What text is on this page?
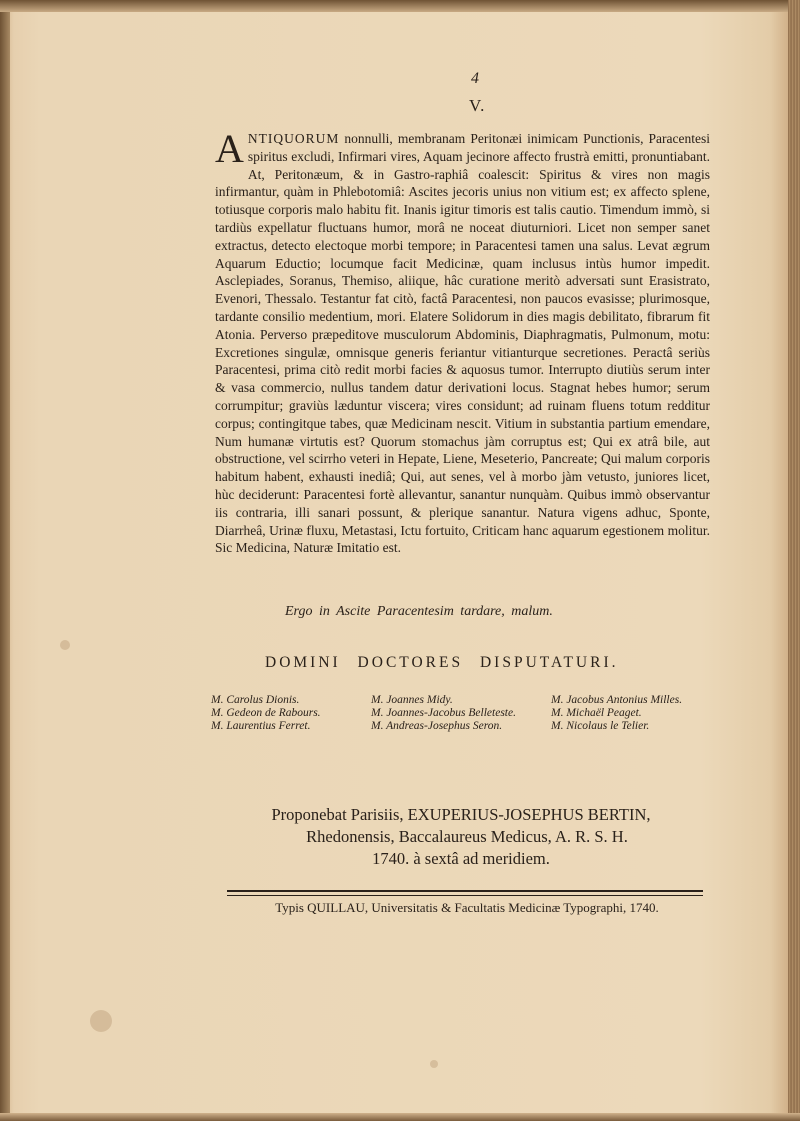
4
V.
ANTIQUORUM nonnulli, membranam Peritonæi inimicam Punctionis, Paracentesi spiritus excludi, Infirmari vires, Aquam jecinore affecto frustrà emitti, pronuntiabant. At, Peritonæum, & in Gastro-raphiâ coalescit: Spiritus & vires non magis infirmantur, quàm in Phlebotomiâ: Ascites jecoris unius non vitium est; ex affecto splene, totiusque corporis malo habitu fit. Inanis igitur timoris est talis cautio. Timendum immò, si tardiùs expellatur fluctuans humor, morâ ne noceat diuturniori. Licet non semper sanet extractus, detecto electoque morbi tempore; in Paracentesi tamen una salus. Levat ægrum Aquarum Eductio; locumque facit Medicinæ, quam inclusus intùs humor impedit. Asclepiades, Soranus, Themiso, aliique, hâc curatione meritò adversati sunt Erasistrato, Evenori, Thessalo. Testantur fat citò, factâ Paracentesi, non paucos evasisse; plurimosque, tardante consilio medentium, mori. Elatere Solidorum in dies magis debilitato, fibrarum fit Atonia. Perverso præpeditove musculorum Abdominis, Diaphragmatis, Pulmonum, motu: Excretiones singulæ, omnisque generis feriantur vitianturque secretiones. Peractâ seriùs Paracentesi, prima citò redit morbi facies & aquosus tumor. Interrupto diutiùs serum inter & vasa commercio, nullus tandem datur derivationi locus. Stagnat hebes humor; serum corrumpitur; graviùs læduntur viscera; vires considunt; ad ruinam fluens totum redditur corpus; contingitque tabes, quæ Medicinam nescit. Vitium in substantia partium emendare, Num humanæ virtutis est? Quorum stomachus jàm corruptus est; Qui ex atrâ bile, aut obstructione, vel scirrho veteri in Hepate, Liene, Meseterio, Pancreate; Qui malum corporis habitum habent, exhausti inediâ; Qui, aut senes, vel à morbo jàm vetusto, juniores licet, hùc deciderunt: Paracentesi fortè allevantur, sanantur nunquàm. Quibus immò observantur iis contraria, illi sanari possunt, & plerique sanantur. Natura vigens adhuc, Sponte, Diarrheâ, Urinæ fluxu, Metastasi, Ictu fortuito, Criticam hanc aquarum egestionem molitur. Sic Medicina, Naturæ Imitatio est.
Ergo in Ascite Paracentesim tardare, malum.
DOMINI DOCTORES DISPUTATURI.
M. Carolus Dionis.	M. Joannes Midy.	M. Jacobus Antonius Milles.
M. Gedeon de Rabours.	M. Joannes-Jacobus Belleteste.	M. Michaël Peaget.
M. Laurentius Ferret.	M. Andreas-Josephus Seron.	M. Nicolaus le Telier.
Proponebat Parisiis, EXUPERIUS-JOSEPHUS BERTIN,
Rhedonensis, Baccalaureus Medicus, A. R. S. H.
1740. à sextâ ad meridiem.
Typis QUILLAU, Universitatis & Facultatis Medicinæ Typographi, 1740.
